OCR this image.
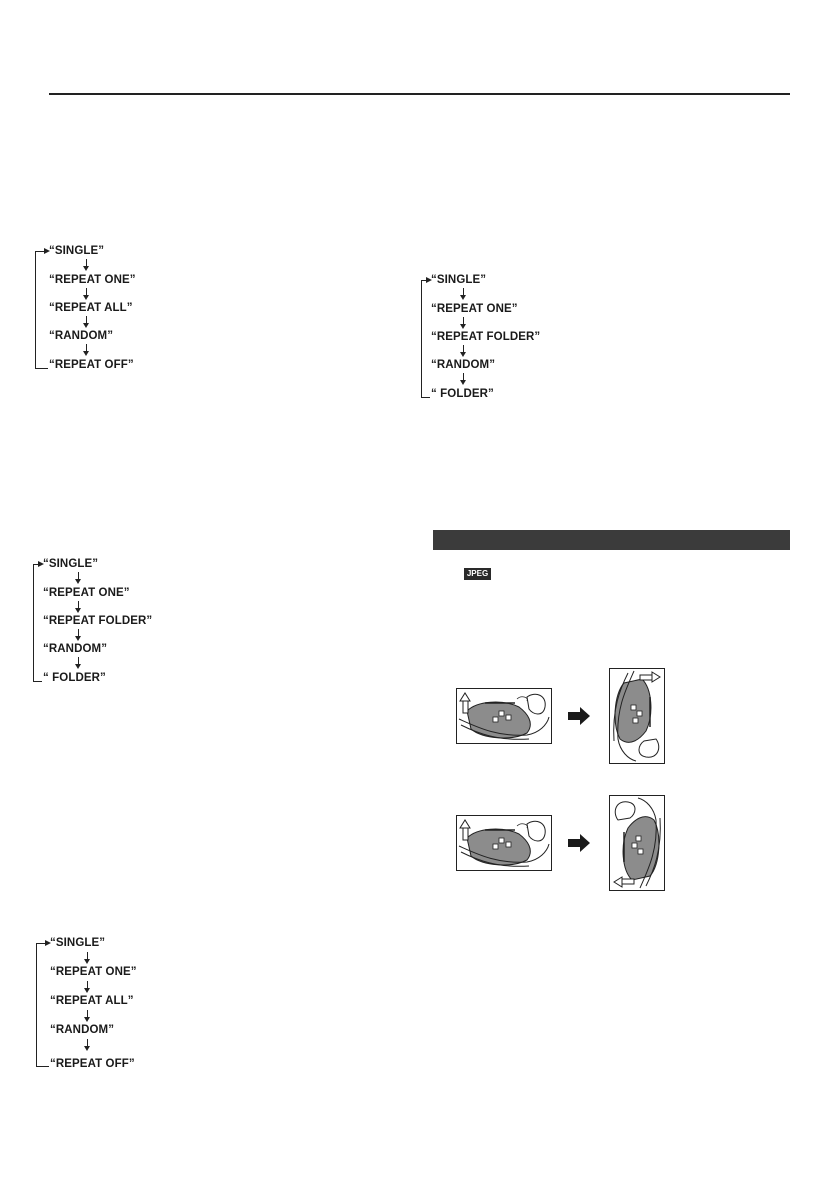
“SINGLE”
“REPEAT ONE”
“REPEAT ALL”
“RANDOM”
“REPEAT OFF”
“SINGLE”
“REPEAT ONE”
“REPEAT FOLDER”
“RANDOM”
“ FOLDER”
“SINGLE”
“REPEAT ONE”
“REPEAT FOLDER”
“RANDOM”
“ FOLDER”
“SINGLE”
“REPEAT ONE”
“REPEAT ALL”
“RANDOM”
“REPEAT OFF”
JPEG
